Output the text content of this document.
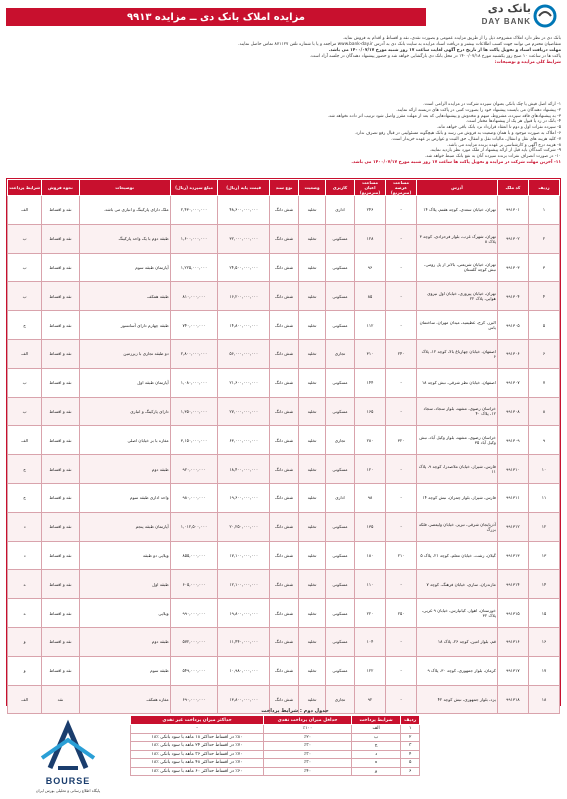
مزایده املاک بانک دی ــ مزایده ۹۹۱۳
بانک دی
DAY BANK

بانک دی در نظر دارد املاک مشروحه ذیل را از طریق مزایده عمومی و بصورت نقدی، نقد و اقساط و اقدام به فروش نماید.

متقاضیان محترم می توانند جهت کسب اطلاعات بیشتر و دریافت اسناد مزایده به سایت بانک دی به آدرس www.bank-day.ir مراجعه و یا با شماره تلفن ۸۷۱۱۲۷ تماس حاصل نمایند.

مهلت دریافت اسناد و تحویل پاکت ها از تاریخ درج آگهی لغایت ساعت ۱۷ روز شنبه مورخ ۱۴۰۰/۰۷/۱۷ می باشد.

پاکت ها در ساعت ۱۰ صبح روز یکشنبه مورخ ۱۴۰۰/۰۷/۱۸ در محل بانک دی بازگشایی خواهد شد و حضور پیشنهاد دهندگان در جلسه آزاد است.

شرایط کلی مزایده و توضیحات:

۱- ارائه اصل فیش یا چک بانکی بعنوان سپرده شرکت در مزایده الزامی است.

۲- پیشنهاد دهندگان می بایست پیشنهاد خود را بصورت کتبی در پاکت های دربسته ارائه نمایند.

۳- به پیشنهادهای فاقد سپرده، مشروط، مبهم و مخدوش و پیشنهادهایی که بعد از مهلت مقرر واصل شود ترتیب اثر داده نخواهد شد.

۴- بانک در رد یا قبول هر یک از پیشنهادها مختار است.

۵- سپرده نفرات اول و دوم تا انعقاد قرارداد نزد بانک باقی خواهد ماند.

۶- املاک به صورت موجود و با همان وضعیت به فروش می رسد و بانک هیچگونه مسئولیتی در قبال رفع تصرف ندارد.

۷- کلیه هزینه های نقل و انتقال، مالیات نقل و انتقال، حق الثبت و عوارض بر عهده خریدار است.

۸- هزینه درج آگهی و کارشناسی بر عهده برنده مزایده می باشد.

۹- شرکت کنندگان باید قبل از ارائه پیشنهاد از ملک مورد نظر بازدید نمایند.

۱۰- در صورت انصراف نفرات برنده سپرده آنان به نفع بانک ضبط خواهد شد.

۱۱- آخرین مهلت شرکت در مزایده و تحویل پاکت ها ساعت ۱۷ روز شنبه مورخ ۱۴۰۰/۰۷/۱۷ می باشد.

ردیف	کد ملک	آدرس	مساحت عرصه (مترمربع)	مساحت اعیان (مترمربع)	کاربری	وضعیت	نوع سند	قیمت پایه (ریال)	مبلغ سپرده (ریال)	توضیحات	نحوه فروش	شرایط پرداخت
۱	۹۹۱۳۰۱	تهران، خیابان سعدی، کوچه هفتم، پلاک ۱۴	-	۲۴۶	اداری	تخلیه	شش دانگ	۴۸,۶۰۰,۰۰۰,۰۰۰	۲,۴۳۰,۰۰۰,۰۰۰	ملک دارای پارکینگ و انباری می باشد.	نقد و اقساط	الف
۲	۹۹۱۳۰۲	تهران، شهرک غرب، بلوار فرحزادی، کوچه ۳ پلاک ۸	-	۱۲۸	مسکونی	تخلیه	شش دانگ	۳۲,۰۰۰,۰۰۰,۰۰۰	۱,۶۰۰,۰۰۰,۰۰۰	طبقه دوم با یک واحد پارکینگ	نقد و اقساط	ب
۳	۹۹۱۳۰۳	تهران، خیابان شریعتی، بالاتر از پل رومی، نبش کوچه گلستان	-	۹۶	مسکونی	تخلیه	شش دانگ	۲۴,۵۰۰,۰۰۰,۰۰۰	۱,۲۲۵,۰۰۰,۰۰۰	آپارتمان طبقه سوم	نقد و اقساط	ب
۴	۹۹۱۳۰۴	تهران، خیابان پیروزی، خیابان اول نیروی هوایی، پلاک ۲۲	-	۸۵	مسکونی	تخلیه	شش دانگ	۱۶,۲۰۰,۰۰۰,۰۰۰	۸۱۰,۰۰۰,۰۰۰	طبقه همکف	نقد و اقساط	ب
۵	۹۹۱۳۰۵	البرز، کرج، عظیمیه، میدان مهران، ساختمان یاس	-	۱۱۲	مسکونی	تخلیه	شش دانگ	۱۴,۸۰۰,۰۰۰,۰۰۰	۷۴۰,۰۰۰,۰۰۰	طبقه چهارم دارای آسانسور	نقد و اقساط	ج
۶	۹۹۱۳۰۶	اصفهان، خیابان چهارباغ بالا، کوچه ۱۲، پلاک ۶	۲۴۰	۳۱۰	تجاری	تخلیه	شش دانگ	۵۶,۰۰۰,۰۰۰,۰۰۰	۲,۸۰۰,۰۰۰,۰۰۰	دو طبقه تجاری با زیرزمین	نقد و اقساط	الف
۷	۹۹۱۳۰۷	اصفهان، خیابان نظر شرقی، نبش کوچه ۱۸	-	۱۴۴	مسکونی	تخلیه	شش دانگ	۲۱,۶۰۰,۰۰۰,۰۰۰	۱,۰۸۰,۰۰۰,۰۰۰	آپارتمان طبقه اول	نقد و اقساط	ب
۸	۹۹۱۳۰۸	خراسان رضوی، مشهد، بلوار سجاد، سجاد ۱۲، پلاک ۴۰	-	۱۶۵	مسکونی	تخلیه	شش دانگ	۲۷,۰۰۰,۰۰۰,۰۰۰	۱,۳۵۰,۰۰۰,۰۰۰	دارای پارکینگ و انباری	نقد و اقساط	ب
۹	۹۹۱۳۰۹	خراسان رضوی، مشهد، بلوار وکیل آباد، نبش وکیل آباد ۳۵	۳۲۰	۲۸۰	تجاری	تخلیه	شش دانگ	۶۳,۰۰۰,۰۰۰,۰۰۰	۳,۱۵۰,۰۰۰,۰۰۰	مغازه با بر خیابان اصلی	نقد و اقساط	الف
۱۰	۹۹۱۳۱۰	فارس، شیراز، خیابان ملاصدرا، کوچه ۹، پلاک ۱۱	-	۱۲۰	مسکونی	تخلیه	شش دانگ	۱۸,۴۰۰,۰۰۰,۰۰۰	۹۲۰,۰۰۰,۰۰۰	طبقه دوم	نقد و اقساط	ج
۱۱	۹۹۱۳۱۱	فارس، شیراز، بلوار چمران، نبش کوچه ۱۴	-	۹۸	اداری	تخلیه	شش دانگ	۱۹,۶۰۰,۰۰۰,۰۰۰	۹۸۰,۰۰۰,۰۰۰	واحد اداری طبقه سوم	نقد و اقساط	ج
۱۲	۹۹۱۳۱۲	آذربایجان شرقی، تبریز، خیابان ولیعصر، فلکه بزرگ	-	۱۳۵	مسکونی	تخلیه	شش دانگ	۲۰,۲۵۰,۰۰۰,۰۰۰	۱,۰۱۲,۵۰۰,۰۰۰	آپارتمان طبقه پنجم	نقد و اقساط	د
۱۳	۹۹۱۳۱۳	گیلان، رشت، خیابان معلم، کوچه ۲۱، پلاک ۵	۲۱۰	۱۸۰	مسکونی	تخلیه	شش دانگ	۱۷,۱۰۰,۰۰۰,۰۰۰	۸۵۵,۰۰۰,۰۰۰	ویلایی دو طبقه	نقد و اقساط	د
۱۴	۹۹۱۳۱۴	مازندران، ساری، خیابان فرهنگ، کوچه ۷	-	۱۱۰	مسکونی	تخلیه	شش دانگ	۱۲,۱۰۰,۰۰۰,۰۰۰	۶۰۵,۰۰۰,۰۰۰	طبقه اول	نقد و اقساط	ه
۱۵	۹۹۱۳۱۵	خوزستان، اهواز، کیانپارس، خیابان ۹ غربی، پلاک ۳۲	۲۵۰	۲۲۰	مسکونی	تخلیه	شش دانگ	۱۹,۸۰۰,۰۰۰,۰۰۰	۹۹۰,۰۰۰,۰۰۰	ویلایی	نقد و اقساط	ه
۱۶	۹۹۱۳۱۶	قم، بلوار امین، کوچه ۲۶، پلاک ۱۸	-	۱۰۴	مسکونی	تخلیه	شش دانگ	۱۱,۴۴۰,۰۰۰,۰۰۰	۵۷۲,۰۰۰,۰۰۰	طبقه دوم	نقد و اقساط	و
۱۷	۹۹۱۳۱۷	کرمان، بلوار جمهوری، کوچه ۳۰، پلاک ۹	-	۱۲۲	مسکونی	تخلیه	شش دانگ	۱۰,۹۸۰,۰۰۰,۰۰۰	۵۴۹,۰۰۰,۰۰۰	طبقه سوم	نقد و اقساط	و
۱۸	۹۹۱۳۱۸	یزد، بلوار جمهوری، نبش کوچه ۴۲	-	۹۲	تجاری	تخلیه	شش دانگ	۱۳,۸۰۰,۰۰۰,۰۰۰	۶۹۰,۰۰۰,۰۰۰	مغازه همکف	نقد	الف
جدول دوم : شرایط پرداخت
ردیف	شرایط پرداخت	حداقل میزان پرداخت نقدی	حداکثر میزان پرداخت غیر نقدی
۱	الف	٪۱۰۰	-
۲	ب	٪۲۰	٪۸۰ در اقساط حداکثر ۱۸ ماهه با سود بانکی ٪۱۸
۳	ج	٪۳۰	٪۷۰ در اقساط حداکثر ۲۴ ماهه با سود بانکی ٪۱۸
۴	د	٪۳۰	٪۷۰ در اقساط حداکثر ۳۶ ماهه با سود بانکی ٪۱۸
۵	ه	٪۳۰	٪۷۰ در اقساط حداکثر ۴۸ ماهه با سود بانکی ٪۱۸
۶	و	٪۴۰	٪۶۰ در اقساط حداکثر ۶۰ ماهه با سود بانکی ٪۱۸
BOURSE
پایگاه اطلاع رسانی و تحلیلی بورس ایران
